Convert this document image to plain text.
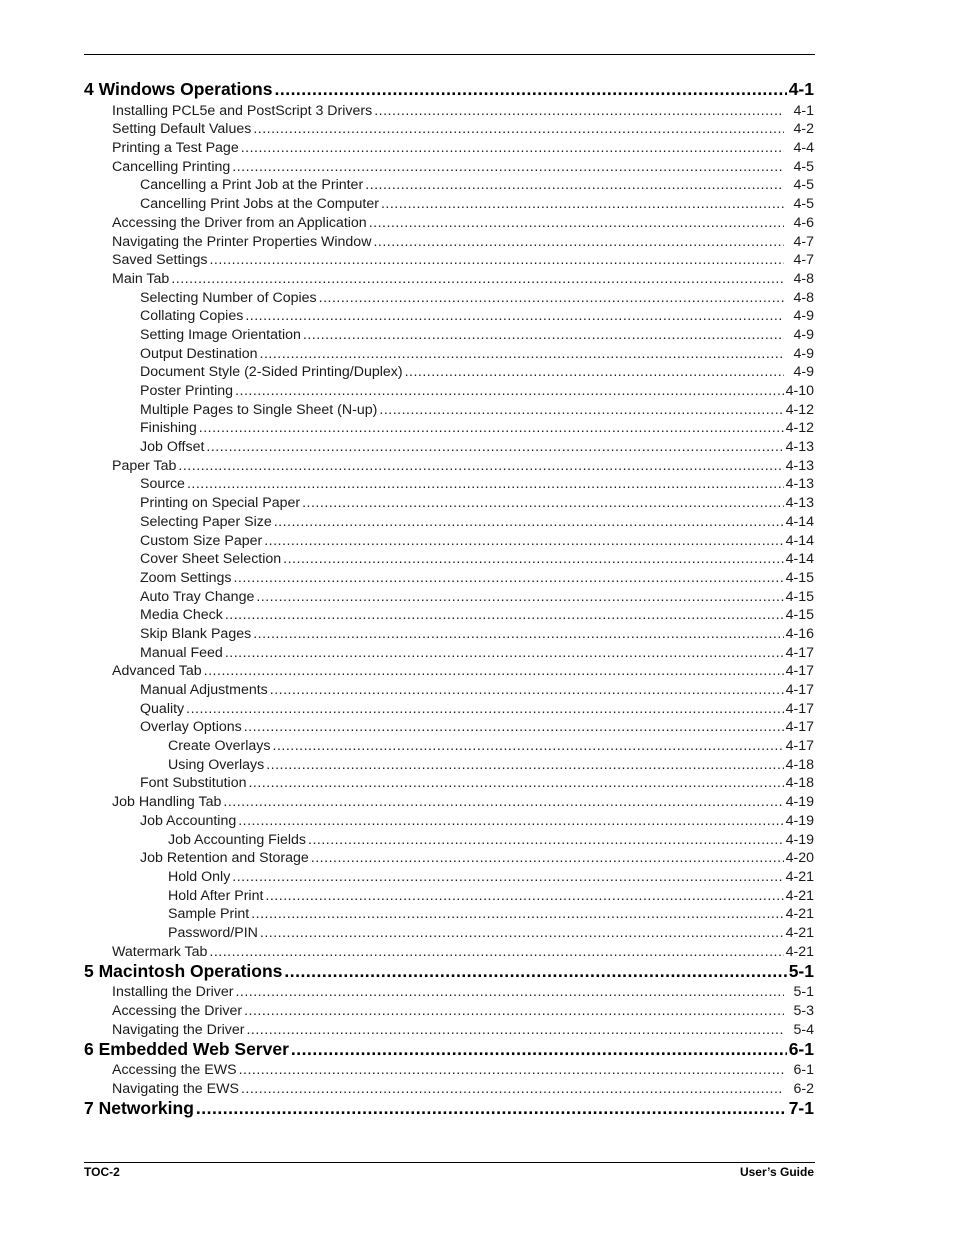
4 Windows Operations .....	4-1
Installing PCL5e and PostScript 3 Drivers .....	4-1
Setting Default Values .....	4-2
Printing a Test Page .....	4-4
Cancelling Printing .....	4-5
Cancelling a Print Job at the Printer .....	4-5
Cancelling Print Jobs at the Computer .....	4-5
Accessing the Driver from an Application .....	4-6
Navigating the Printer Properties Window .....	4-7
Saved Settings .....	4-7
Main Tab .....	4-8
Selecting Number of Copies .....	4-8
Collating Copies .....	4-9
Setting Image Orientation .....	4-9
Output Destination .....	4-9
Document Style (2-Sided Printing/Duplex) .....	4-9
Poster Printing .....	4-10
Multiple Pages to Single Sheet (N-up) .....	4-12
Finishing .....	4-12
Job Offset .....	4-13
Paper Tab .....	4-13
Source .....	4-13
Printing on Special Paper .....	4-13
Selecting Paper Size .....	4-14
Custom Size Paper .....	4-14
Cover Sheet Selection .....	4-14
Zoom Settings .....	4-15
Auto Tray Change .....	4-15
Media Check .....	4-15
Skip Blank Pages .....	4-16
Manual Feed .....	4-17
Advanced Tab .....	4-17
Manual Adjustments .....	4-17
Quality .....	4-17
Overlay Options .....	4-17
Create Overlays .....	4-17
Using Overlays .....	4-18
Font Substitution .....	4-18
Job Handling Tab .....	4-19
Job Accounting .....	4-19
Job Accounting Fields .....	4-19
Job Retention and Storage .....	4-20
Hold Only .....	4-21
Hold After Print .....	4-21
Sample Print .....	4-21
Password/PIN .....	4-21
Watermark Tab .....	4-21
5 Macintosh Operations .....	5-1
Installing the Driver .....	5-1
Accessing the Driver .....	5-3
Navigating the Driver .....	5-4
6 Embedded Web Server .....	6-1
Accessing the EWS .....	6-1
Navigating the EWS .....	6-2
7 Networking .....	7-1
TOC-2	User’s Guide
